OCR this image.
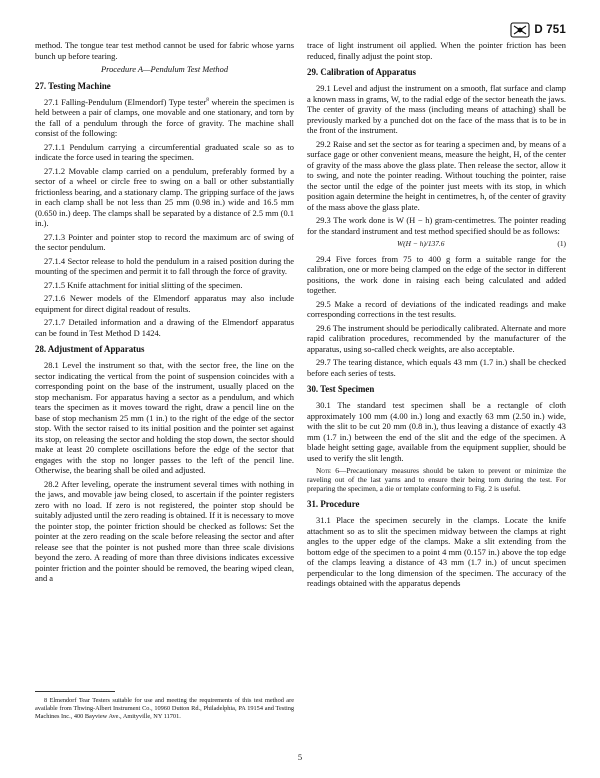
D 751

method. The tongue tear test method cannot be used for fabric whose yarns bunch up before tearing.

Procedure A—Pendulum Test Method

27. Testing Machine

27.1 Falling-Pendulum (Elmendorf) Type tester$^8$ wherein the specimen is held between a pair of clamps, one movable and one stationary, and torn by the fall of a pendulum through the force of gravity. The machine shall consist of the following:

27.1.1 Pendulum carrying a circumferential graduated scale so as to indicate the force used in tearing the specimen.

27.1.2 Movable clamp carried on a pendulum, preferably formed by a sector of a wheel or circle free to swing on a ball or other substantially frictionless bearing, and a stationary clamp. The gripping surface of the jaws in each clamp shall be not less than 25 mm (0.98 in.) wide and 16.5 mm (0.650 in.) deep. The clamps shall be separated by a distance of 2.5 mm (0.1 in.).

27.1.3 Pointer and pointer stop to record the maximum arc of swing of the sector pendulum.

27.1.4 Sector release to hold the pendulum in a raised position during the mounting of the specimen and permit it to fall through the force of gravity.

27.1.5 Knife attachment for initial slitting of the specimen.

27.1.6 Newer models of the Elmendorf apparatus may also include equipment for direct digital readout of results.

27.1.7 Detailed information and a drawing of the Elmendorf apparatus can be found in Test Method D 1424.

28. Adjustment of Apparatus

28.1 Level the instrument so that, with the sector free, the line on the sector indicating the vertical from the point of suspension coincides with a corresponding point on the base of the instrument, usually placed on the stop mechanism. For apparatus having a sector as a pendulum, and which tears the specimen as it moves toward the right, draw a pencil line on the base of stop mechanism 25 mm (1 in.) to the right of the edge of the sector stop. With the sector raised to its initial position and the pointer set against its stop, on releasing the sector and holding the stop down, the sector should make at least 20 complete oscillations before the edge of the sector that engages with the stop no longer passes to the left of the pencil line. Otherwise, the bearing shall be oiled and adjusted.

28.2 After leveling, operate the instrument several times with nothing in the jaws, and movable jaw being closed, to ascertain if the pointer registers zero with no load. If zero is not registered, the pointer stop should be suitably adjusted until the zero reading is obtained. If it is necessary to move the pointer stop, the pointer friction should be checked as follows: Set the pointer at the zero reading on the scale before releasing the sector and after release see that the pointer is not pushed more than three scale divisions beyond the zero. A reading of more than three divisions indicates excessive pointer friction and the pointer should be removed, the bearing wiped clean, and a

trace of light instrument oil applied. When the pointer friction has been reduced, finally adjust the point stop.

29. Calibration of Apparatus

29.1 Level and adjust the instrument on a smooth, flat surface and clamp a known mass in grams, W, to the radial edge of the sector beneath the jaws. The center of gravity of the mass (including means of attaching) shall be previously marked by a punched dot on the face of the mass that is to be in the front of the instrument.

29.2 Raise and set the sector as for tearing a specimen and, by means of a surface gage or other convenient means, measure the height, H, of the center of gravity of the mass above the glass plate. Then release the sector, allow it to swing, and note the pointer reading. Without touching the pointer, raise the sector until the edge of the pointer just meets with its stop, in which position again determine the height in centimetres, h, of the center of gravity of the mass above the glass plate.

29.3 The work done is W (H − h) gram-centimetres. The pointer reading for the standard instrument and test method specified should be as follows:

W(H − h)/137.6	(1)

29.4 Five forces from 75 to 400 g form a suitable range for the calibration, one or more being clamped on the edge of the sector in different positions, the work done in raising each being calculated and added together.

29.5 Make a record of deviations of the indicated readings and make corresponding corrections in the test results.

29.6 The instrument should be periodically calibrated. Alternate and more rapid calibration procedures, recommended by the manufacturer of the apparatus, using so-called check weights, are also acceptable.

29.7 The tearing distance, which equals 43 mm (1.7 in.) shall be checked before each series of tests.

30. Test Specimen

30.1 The standard test specimen shall be a rectangle of cloth approximately 100 mm (4.00 in.) long and exactly 63 mm (2.50 in.) wide, with the slit to be cut 20 mm (0.8 in.), thus leaving a distance of exactly 43 mm (1.7 in.) between the end of the slit and the edge of the specimen. A blade height setting gage, available from the equipment supplier, should be used to verify the slit length.

Note 6—Precautionary measures should be taken to prevent or minimize the raveling out of the last yarns and to ensure their being torn during the test. For preparing the specimen, a die or template conforming to Fig. 2 is useful.

31. Procedure

31.1 Place the specimen securely in the clamps. Locate the knife attachment so as to slit the specimen midway between the clamps at right angles to the upper edge of the clamps. Make a slit extending from the bottom edge of the specimen to a point 4 mm (0.157 in.) above the top edge of the clamps leaving a distance of 43 mm (1.7 in.) of uncut specimen perpendicular to the long dimension of the specimen. The accuracy of the readings obtained with the apparatus depends

8 Elmendorf Tear Testers suitable for use and meeting the requirements of this test method are available from Thwing-Albert Instrument Co., 10960 Dutton Rd., Philadelphia, PA 19154 and Testing Machines Inc., 400 Bayview Ave., Amityville, NY 11701.
5
